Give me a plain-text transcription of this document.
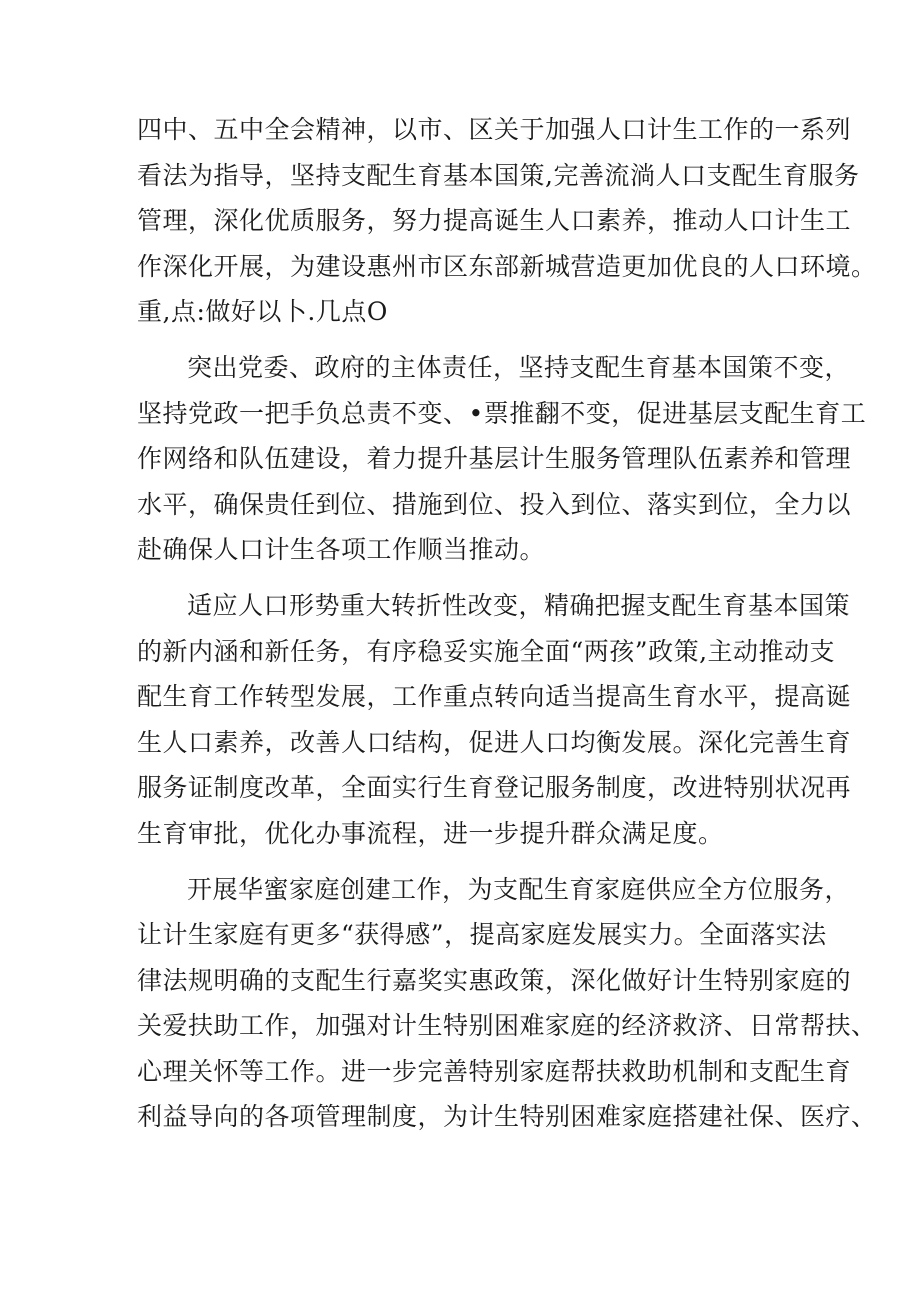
四中、五中全会精神，以市、区关于加强人口计生工作的一系列
看法为指导，坚持支配生育基本国策,完善流淌人口支配生育服务
管理，深化优质服务，努力提高诞生人口素养，推动人口计生工
作深化开展，为建设惠州市区东部新城营造更加优良的人口环境。
重,点:做好以卜.几点O
突出党委、政府的主体责任，坚持支配生育基本国策不变，
坚持党政一把手负总责不变、•票推翻不变，促进基层支配生育工
作网络和队伍建设，着力提升基层计生服务管理队伍素养和管理
水平，确保贵任到位、措施到位、投入到位、落实到位，全力以
赴确保人口计生各项工作顺当推动。
适应人口形势重大转折性改变，精确把握支配生育基本国策
的新内涵和新任务，有序稳妥实施全面“两孩”政策,主动推动支
配生育工作转型发展，工作重点转向适当提高生育水平，提高诞
生人口素养，改善人口结构，促进人口均衡发展。深化完善生育
服务证制度改革，全面实行生育登记服务制度，改进特别状况再
生育审批，优化办事流程，进一步提升群众满足度。
开展华蜜家庭创建工作，为支配生育家庭供应全方位服务，
让计生家庭有更多“获得感”，提高家庭发展实力。全面落实法
律法规明确的支配生行嘉奖实惠政策，深化做好计生特别家庭的
关爱扶助工作，加强对计生特别困难家庭的经济救济、日常帮扶、
心理关怀等工作。进一步完善特别家庭帮扶救助机制和支配生育
利益导向的各项管理制度，为计生特别困难家庭搭建社保、医疗、
